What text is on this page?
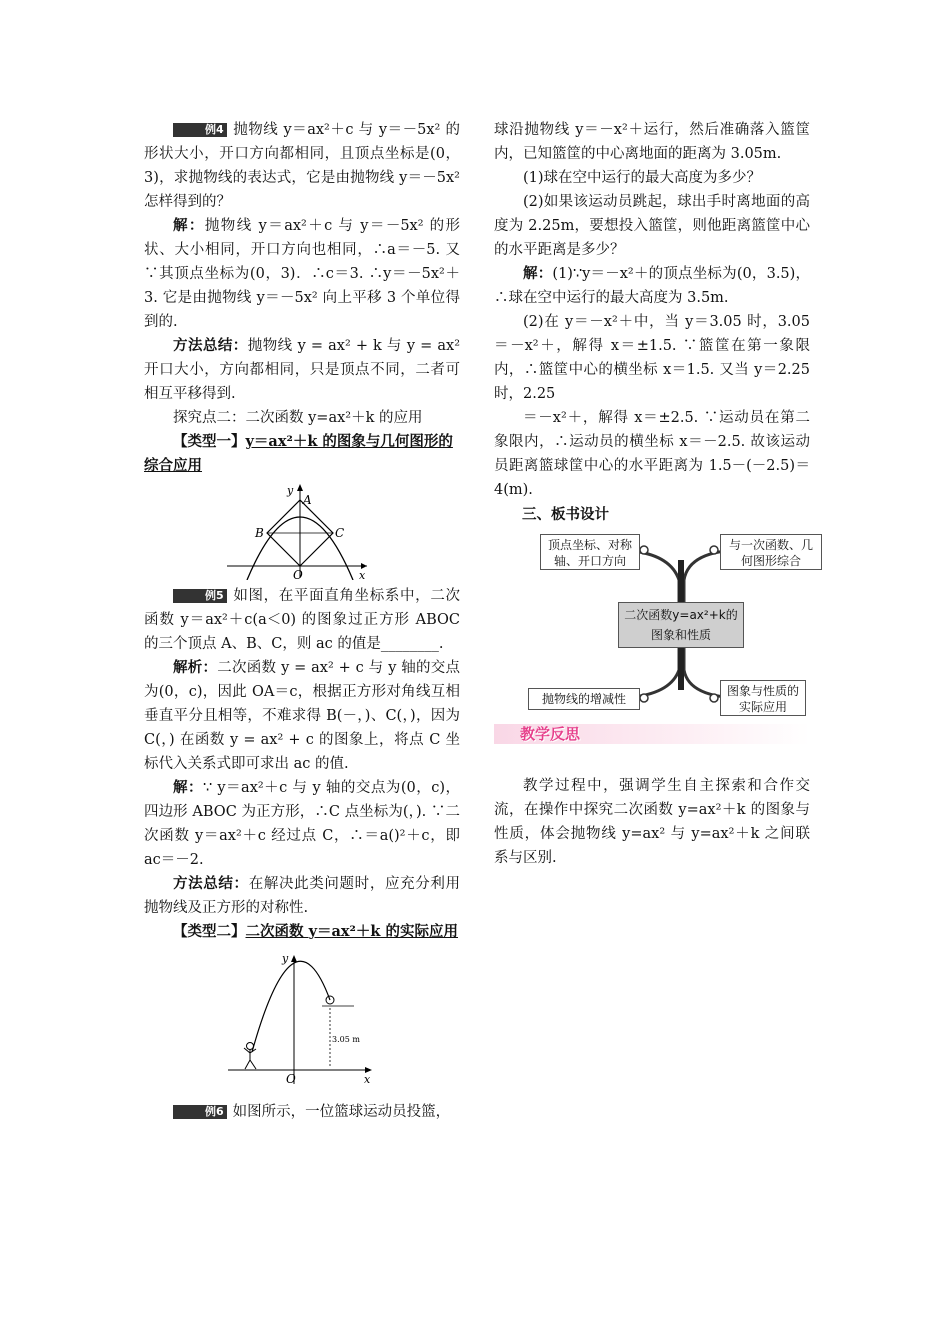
例4 抛物线 y＝ax²＋c 与 y＝－5x² 的形状大小，开口方向都相同，且顶点坐标是(0，3)，求抛物线的表达式，它是由抛物线 y＝－5x² 怎样得到的？

解：抛物线 y＝ax²＋c 与 y＝－5x² 的形状、大小相同，开口方向也相同，∴a＝－5. 又∵其顶点坐标为(0，3)．∴c＝3. ∴y＝－5x²＋3. 它是由抛物线 y＝－5x² 向上平移 3 个单位得到的.

方法总结：抛物线 y = ax² + k 与 y = ax² 开口大小，方向都相同，只是顶点不同，二者可相互平移得到.

探究点二：二次函数 y=ax²＋k 的应用

【类型一】y＝ax²＋k 的图象与几何图形的综合应用

y
A
B	C
O	x

例5 如图，在平面直角坐标系中，二次函数 y＝ax²＋c(a＜0) 的图象过正方形 ABOC 的三个顶点 A、B、C，则 ac 的值是________.

解析：二次函数 y = ax² + c 与 y 轴的交点为(0，c)，因此 OA＝c，根据正方形对角线互相垂直平分且相等，不难求得 B(－，)、C(，)，因为 C(，) 在函数 y = ax² + c 的图象上，将点 C 坐标代入关系式即可求出 ac 的值.

解：∵ y＝ax²＋c 与 y 轴的交点为(0，c)，四边形 ABOC 为正方形，∴C 点坐标为(，). ∵二次函数 y＝ax²＋c 经过点 C，∴＝a()²＋c，即 ac＝－2.

方法总结：在解决此类问题时，应充分利用抛物线及正方形的对称性.

【类型二】二次函数 y＝ax²＋k 的实际应用

y
O	x
3.05 m

例6 如图所示，一位篮球运动员投篮，

球沿抛物线 y＝－x²＋运行，然后准确落入篮筐内，已知篮筐的中心离地面的距离为 3.05m.

(1)球在空中运行的最大高度为多少？

(2)如果该运动员跳起，球出手时离地面的高度为 2.25m，要想投入篮筐，则他距离篮筐中心的水平距离是多少？

解：(1)∵y＝－x²＋的顶点坐标为(0，3.5)，∴球在空中运行的最大高度为 3.5m.

(2)在 y＝－x²＋中，当 y＝3.05 时，3.05＝－x²＋，解得 x＝±1.5. ∵篮筐在第一象限内，∴篮筐中心的横坐标 x＝1.5. 又当 y＝2.25 时，2.25

＝－x²＋，解得 x＝±2.5. ∵运动员在第二象限内，∴运动员的横坐标 x＝－2.5. 故该运动员距离篮球筐中心的水平距离为 1.5－(－2.5)＝4(m).

三、板书设计

顶点坐标、对称轴、开口方向
与一次函数、几何图形综合
二次函数y=ax²+k的图象和性质
抛物线的增减性
图象与性质的实际应用
教学反思

教学过程中，强调学生自主探索和合作交流，在操作中探究二次函数 y=ax²＋k 的图象与性质，体会抛物线 y=ax² 与 y=ax²＋k 之间联系与区别.
